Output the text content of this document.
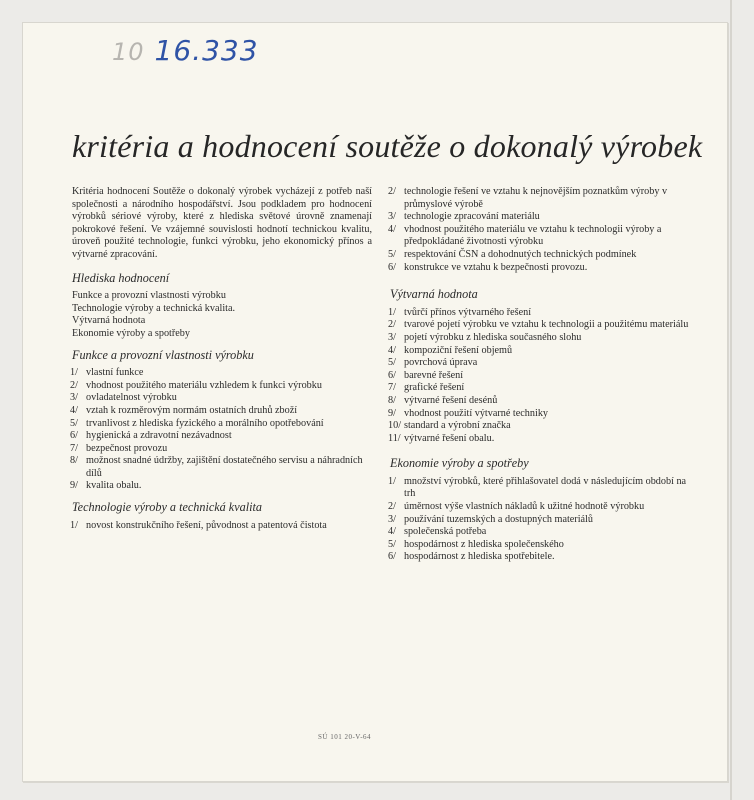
10 16.333
kritéria a hodnocení soutěže o dokonalý výrobek

Kritéria hodnocení Soutěže o dokonalý výrobek vycházejí z potřeb naší společnosti a národního hospodářství. Jsou podkladem pro hodnocení výrobků sériové výroby, které z hlediska světové úrovně znamenají pokrokové řešení. Ve vzájemné souvislosti hodnotí technickou kvalitu, úroveň použité technologie, funkci výrobku, jeho ekonomický přínos a výtvarné zpracování.

Hlediska hodnocení
Funkce a provozní vlastnosti výrobku
Technologie výroby a technická kvalita.
Výtvarná hodnota
Ekonomie výroby a spotřeby
Funkce a provozní vlastnosti výrobku
1/ vlastní funkce
2/ vhodnost použitého materiálu vzhledem k funkci výrobku
3/ ovladatelnost výrobku
4/ vztah k rozměrovým normám ostatních druhů zboží
5/ trvanlivost z hlediska fyzického a morálního opotřebování
6/ hygienická a zdravotní nezávadnost
7/ bezpečnost provozu
8/ možnost snadné údržby, zajištění dostatečného servisu a náhradních dílů
9/ kvalita obalu.
Technologie výroby a technická kvalita
1/ novost konstrukčního řešení, původnost a patentová čistota
2/ technologie řešení ve vztahu k nejnovějším poznatkům výroby v průmyslové výrobě
3/ technologie zpracování materiálu
4/ vhodnost použitého materiálu ve vztahu k technologii výroby a předpokládané životnosti výrobku
5/ respektování ČSN a dohodnutých technických podmínek
6/ konstrukce ve vztahu k bezpečnosti provozu.
Výtvarná hodnota
1/ tvůrčí přínos výtvarného řešení
2/ tvarové pojetí výrobku ve vztahu k technologii a použitému materiálu
3/ pojetí výrobku z hlediska současného slohu
4/ kompoziční řešení objemů
5/ povrchová úprava
6/ barevné řešení
7/ grafické řešení
8/ výtvarné řešení desénů
9/ vhodnost použití výtvarné techniky
10/ standard a výrobní značka
11/ výtvarné řešení obalu.
Ekonomie výroby a spotřeby
1/ množství výrobků, které přihlašovatel dodá v následujícím období na trh
2/ úměrnost výše vlastních nákladů k užitné hodnotě výrobku
3/ používání tuzemských a dostupných materiálů
4/ společenská potřeba
5/ hospodárnost z hlediska společenského
6/ hospodárnost z hlediska spotřebitele.
SÚ 101 20-V-64
